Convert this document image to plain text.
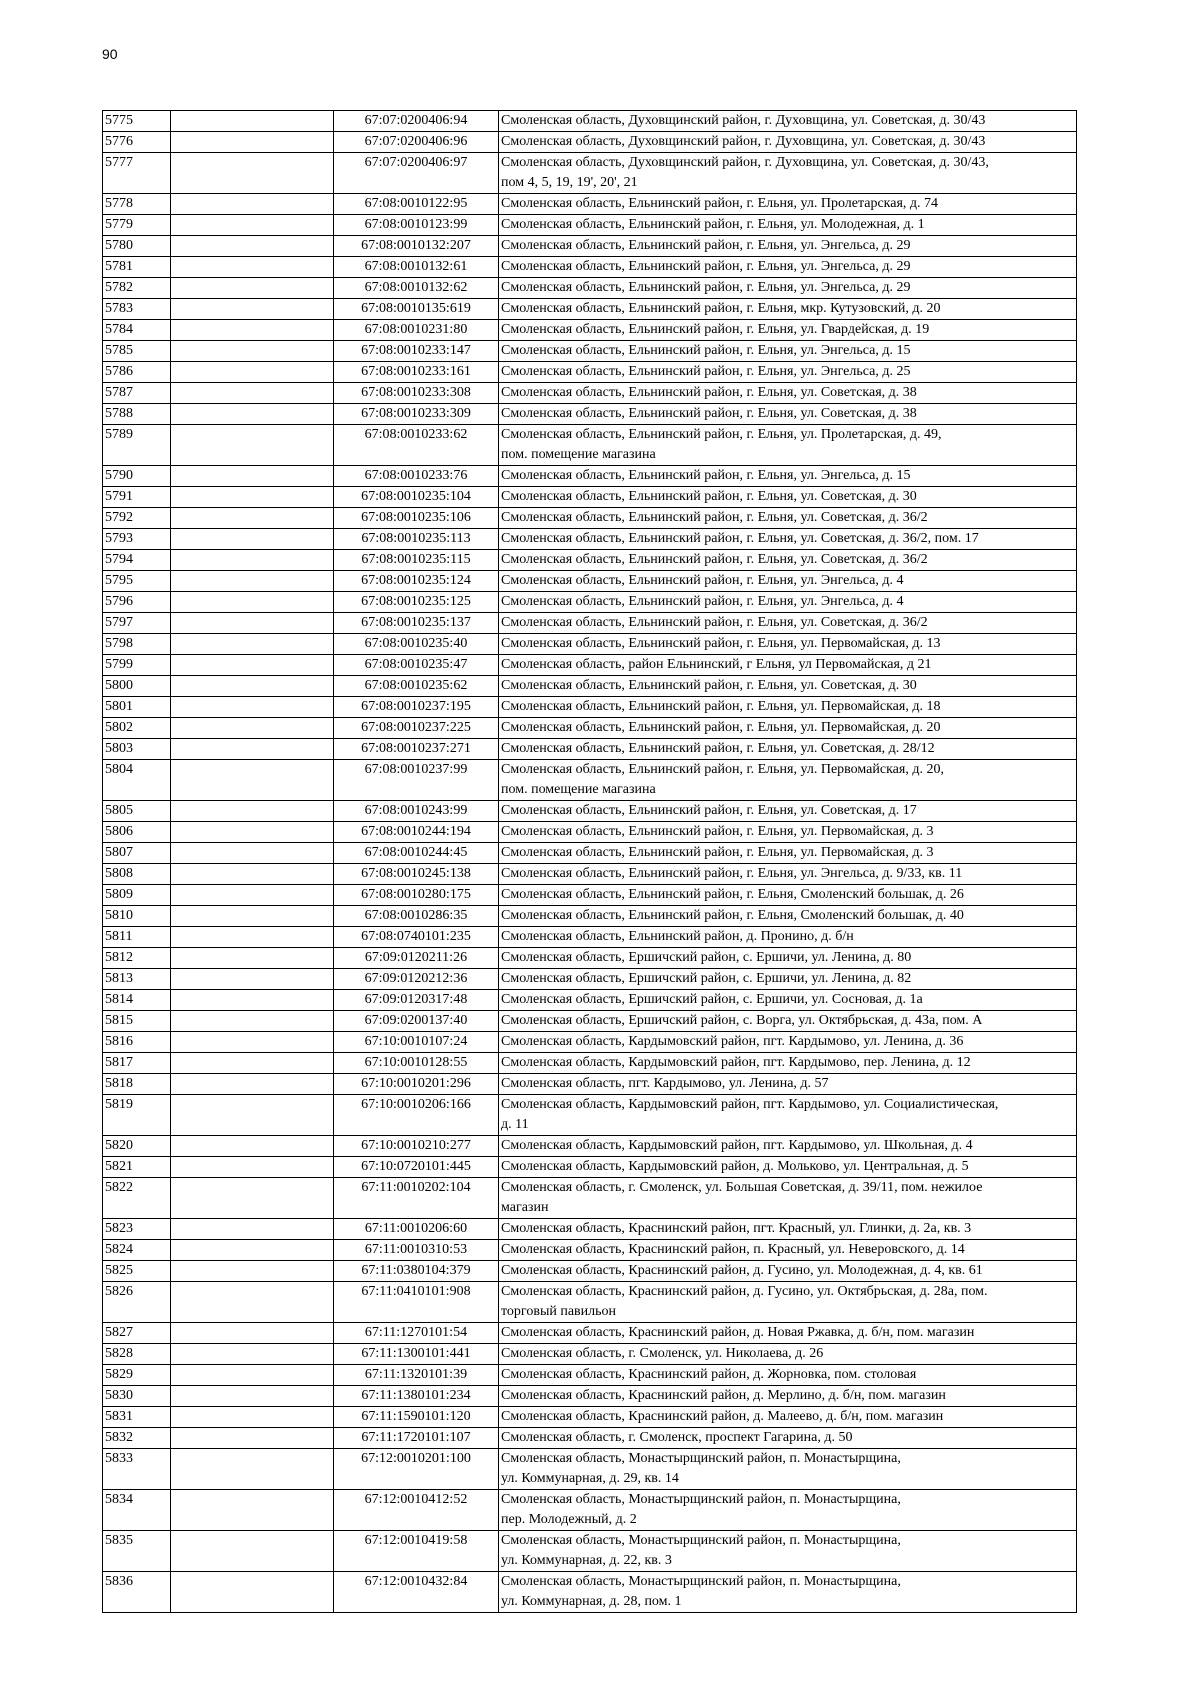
90
5775		67:07:0200406:94	Смоленская область, Духовщинский район, г. Духовщина, ул. Советская, д. 30/43
5776		67:07:0200406:96	Смоленская область, Духовщинский район, г. Духовщина, ул. Советская, д. 30/43
5777		67:07:0200406:97	Смоленская область, Духовщинский район, г. Духовщина, ул. Советская, д. 30/43,
пом 4, 5, 19, 19', 20', 21
5778		67:08:0010122:95	Смоленская область, Ельнинский район, г. Ельня, ул. Пролетарская, д. 74
5779		67:08:0010123:99	Смоленская область, Ельнинский район, г. Ельня, ул. Молодежная, д. 1
5780		67:08:0010132:207	Смоленская область, Ельнинский район, г. Ельня, ул. Энгельса, д. 29
5781		67:08:0010132:61	Смоленская область, Ельнинский район, г. Ельня, ул. Энгельса, д. 29
5782		67:08:0010132:62	Смоленская область, Ельнинский район, г. Ельня, ул. Энгельса, д. 29
5783		67:08:0010135:619	Смоленская область, Ельнинский район, г. Ельня, мкр. Кутузовский, д. 20
5784		67:08:0010231:80	Смоленская область, Ельнинский район, г. Ельня, ул. Гвардейская, д. 19
5785		67:08:0010233:147	Смоленская область, Ельнинский район, г. Ельня, ул. Энгельса, д. 15
5786		67:08:0010233:161	Смоленская область, Ельнинский район, г. Ельня, ул. Энгельса, д. 25
5787		67:08:0010233:308	Смоленская область, Ельнинский район, г. Ельня, ул. Советская, д. 38
5788		67:08:0010233:309	Смоленская область, Ельнинский район, г. Ельня, ул. Советская, д. 38
5789		67:08:0010233:62	Смоленская область, Ельнинский район, г. Ельня, ул. Пролетарская, д. 49,
пом. помещение магазина
5790		67:08:0010233:76	Смоленская область, Ельнинский район, г. Ельня, ул. Энгельса, д. 15
5791		67:08:0010235:104	Смоленская область, Ельнинский район, г. Ельня, ул. Советская, д. 30
5792		67:08:0010235:106	Смоленская область, Ельнинский район, г. Ельня, ул. Советская, д. 36/2
5793		67:08:0010235:113	Смоленская область, Ельнинский район, г. Ельня, ул. Советская, д. 36/2, пом. 17
5794		67:08:0010235:115	Смоленская область, Ельнинский район, г. Ельня, ул. Советская, д. 36/2
5795		67:08:0010235:124	Смоленская область, Ельнинский район, г. Ельня, ул. Энгельса, д. 4
5796		67:08:0010235:125	Смоленская область, Ельнинский район, г. Ельня, ул. Энгельса, д. 4
5797		67:08:0010235:137	Смоленская область, Ельнинский район, г. Ельня, ул. Советская, д. 36/2
5798		67:08:0010235:40	Смоленская область, Ельнинский район, г. Ельня, ул. Первомайская, д. 13
5799		67:08:0010235:47	Смоленская область, район Ельнинский, г Ельня, ул Первомайская, д 21
5800		67:08:0010235:62	Смоленская область, Ельнинский район, г. Ельня, ул. Советская, д. 30
5801		67:08:0010237:195	Смоленская область, Ельнинский район, г. Ельня, ул. Первомайская, д. 18
5802		67:08:0010237:225	Смоленская область, Ельнинский район, г. Ельня, ул. Первомайская, д. 20
5803		67:08:0010237:271	Смоленская область, Ельнинский район, г. Ельня, ул. Советская, д. 28/12
5804		67:08:0010237:99	Смоленская область, Ельнинский район, г. Ельня, ул. Первомайская, д. 20,
пом. помещение магазина
5805		67:08:0010243:99	Смоленская область, Ельнинский район, г. Ельня, ул. Советская, д. 17
5806		67:08:0010244:194	Смоленская область, Ельнинский район, г. Ельня, ул. Первомайская, д. 3
5807		67:08:0010244:45	Смоленская область, Ельнинский район, г. Ельня, ул. Первомайская, д. 3
5808		67:08:0010245:138	Смоленская область, Ельнинский район, г. Ельня, ул. Энгельса, д. 9/33, кв. 11
5809		67:08:0010280:175	Смоленская область, Ельнинский район, г. Ельня, Смоленский большак, д. 26
5810		67:08:0010286:35	Смоленская область, Ельнинский район, г. Ельня, Смоленский большак, д. 40
5811		67:08:0740101:235	Смоленская область, Ельнинский район, д. Пронино, д. б/н
5812		67:09:0120211:26	Смоленская область, Ершичский район, с. Ершичи, ул. Ленина, д. 80
5813		67:09:0120212:36	Смоленская область, Ершичский район, с. Ершичи, ул. Ленина, д. 82
5814		67:09:0120317:48	Смоленская область, Ершичский район, с. Ершичи, ул. Сосновая, д. 1а
5815		67:09:0200137:40	Смоленская область, Ершичский район, с. Ворга, ул. Октябрьская, д. 43а, пом. А
5816		67:10:0010107:24	Смоленская область, Кардымовский район, пгт. Кардымово, ул. Ленина, д. 36
5817		67:10:0010128:55	Смоленская область, Кардымовский район, пгт. Кардымово, пер. Ленина, д. 12
5818		67:10:0010201:296	Смоленская область, пгт. Кардымово, ул. Ленина, д. 57
5819		67:10:0010206:166	Смоленская область, Кардымовский район, пгт. Кардымово, ул. Социалистическая,
д. 11
5820		67:10:0010210:277	Смоленская область, Кардымовский район, пгт. Кардымово, ул. Школьная, д. 4
5821		67:10:0720101:445	Смоленская область, Кардымовский район, д. Мольково, ул. Центральная, д. 5
5822		67:11:0010202:104	Смоленская область, г. Смоленск, ул. Большая Советская, д. 39/11, пом. нежилое
магазин
5823		67:11:0010206:60	Смоленская область, Краснинский район, пгт. Красный, ул. Глинки, д. 2а, кв. 3
5824		67:11:0010310:53	Смоленская область, Краснинский район, п. Красный, ул. Неверовского, д. 14
5825		67:11:0380104:379	Смоленская область, Краснинский район, д. Гусино, ул. Молодежная, д. 4, кв. 61
5826		67:11:0410101:908	Смоленская область, Краснинский район, д. Гусино, ул. Октябрьская, д. 28а, пом.
торговый павильон
5827		67:11:1270101:54	Смоленская область, Краснинский район, д. Новая Ржавка, д. б/н, пом. магазин
5828		67:11:1300101:441	Смоленская область, г. Смоленск, ул. Николаева, д. 26
5829		67:11:1320101:39	Смоленская область, Краснинский район, д. Жорновка, пом. столовая
5830		67:11:1380101:234	Смоленская область, Краснинский район, д. Мерлино, д. б/н, пом. магазин
5831		67:11:1590101:120	Смоленская область, Краснинский район, д. Малеево, д. б/н, пом. магазин
5832		67:11:1720101:107	Смоленская область, г. Смоленск, проспект Гагарина, д. 50
5833		67:12:0010201:100	Смоленская область, Монастырщинский район, п. Монастырщина,
ул. Коммунарная, д. 29, кв. 14
5834		67:12:0010412:52	Смоленская область, Монастырщинский район, п. Монастырщина,
пер. Молодежный, д. 2
5835		67:12:0010419:58	Смоленская область, Монастырщинский район, п. Монастырщина,
ул. Коммунарная, д. 22, кв. 3
5836		67:12:0010432:84	Смоленская область, Монастырщинский район, п. Монастырщина,
ул. Коммунарная, д. 28, пом. 1
